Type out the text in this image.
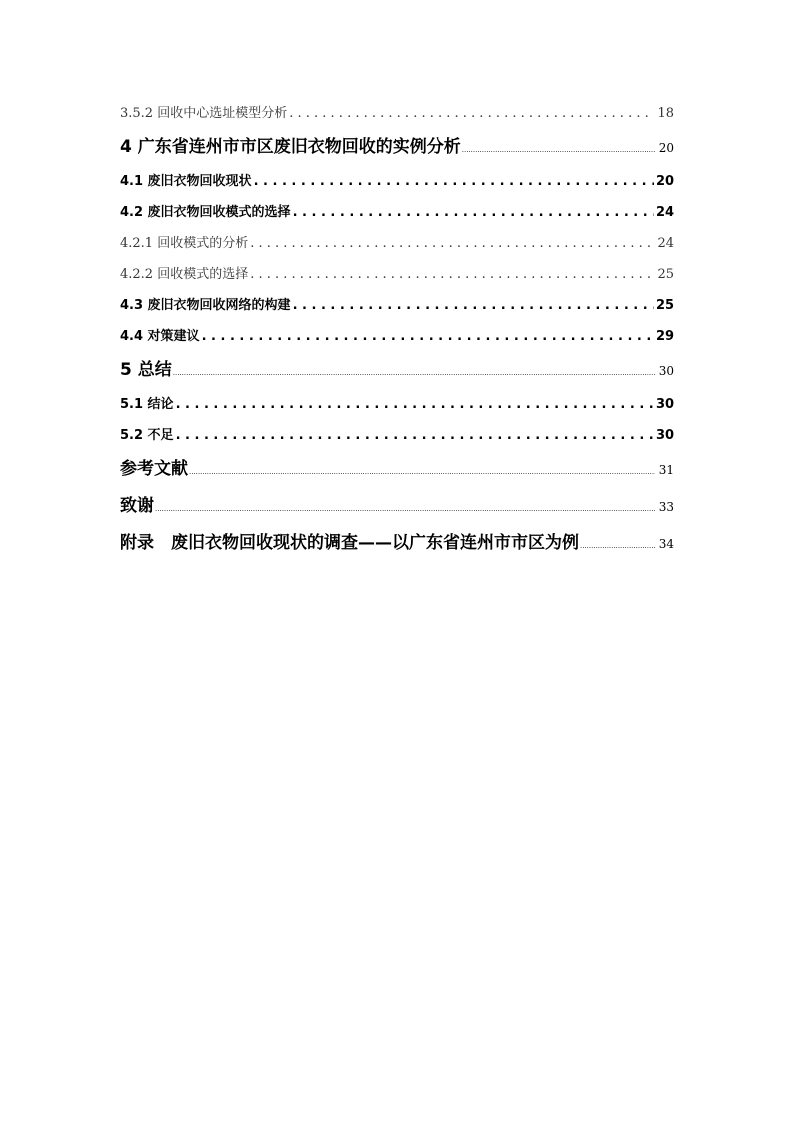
3.5.2 回收中心选址模型分析 . . .	18
4 广东省连州市市区废旧衣物回收的实例分析 .....	20
4.1 废旧衣物回收现状 . . .	20
4.2 废旧衣物回收模式的选择 . . .	24
4.2.1 回收模式的分析 . . .	24
4.2.2 回收模式的选择 . . .	25
4.3 废旧衣物回收网络的构建 . . .	25
4.4 对策建议 . . .	29
5 总结 .....	30
5.1 结论 . . .	30
5.2 不足 . . .	30
参考文献 .....	31
致谢 .....	33
附录　废旧衣物回收现状的调查——以广东省连州市市区为例 .....	34
